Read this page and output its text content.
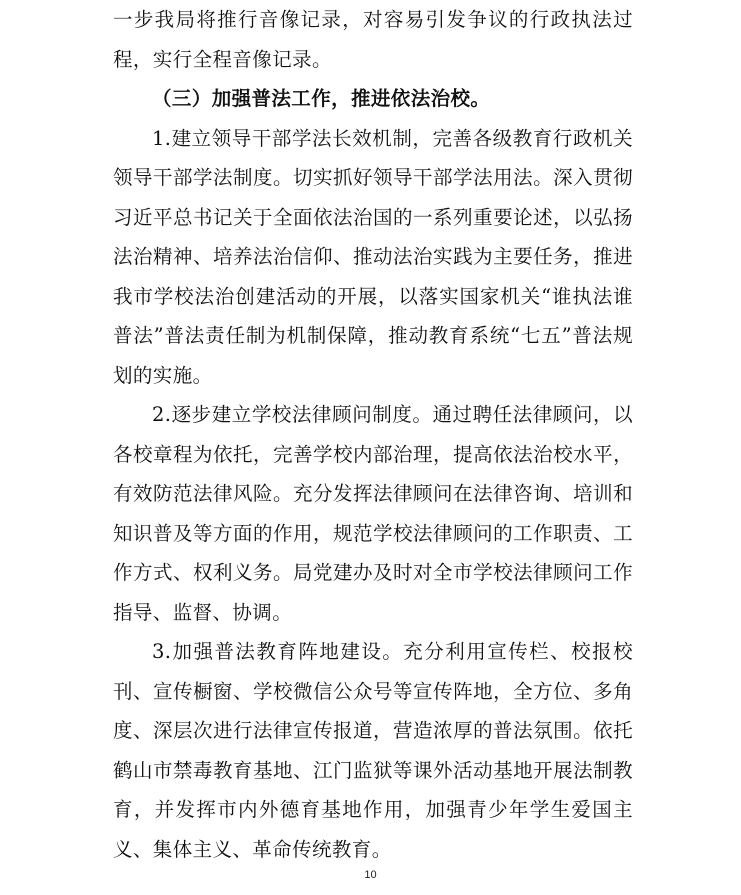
一步我局将推行音像记录，对容易引发争议的行政执法过程，实行全程音像记录。

（三）加强普法工作，推进依法治校。

1.建立领导干部学法长效机制，完善各级教育行政机关领导干部学法制度。切实抓好领导干部学法用法。深入贯彻习近平总书记关于全面依法治国的一系列重要论述，以弘扬法治精神、培养法治信仰、推动法治实践为主要任务，推进我市学校法治创建活动的开展，以落实国家机关“谁执法谁普法”普法责任制为机制保障，推动教育系统“七五”普法规划的实施。

2.逐步建立学校法律顾问制度。通过聘任法律顾问，以各校章程为依托，完善学校内部治理，提高依法治校水平，有效防范法律风险。充分发挥法律顾问在法律咨询、培训和知识普及等方面的作用，规范学校法律顾问的工作职责、工作方式、权利义务。局党建办及时对全市学校法律顾问工作指导、监督、协调。

3.加强普法教育阵地建设。充分利用宣传栏、校报校刊、宣传橱窗、学校微信公众号等宣传阵地，全方位、多角度、深层次进行法律宣传报道，营造浓厚的普法氛围。依托鹤山市禁毒教育基地、江门监狱等课外活动基地开展法制教育，并发挥市内外德育基地作用，加强青少年学生爱国主义、集体主义、革命传统教育。

10
